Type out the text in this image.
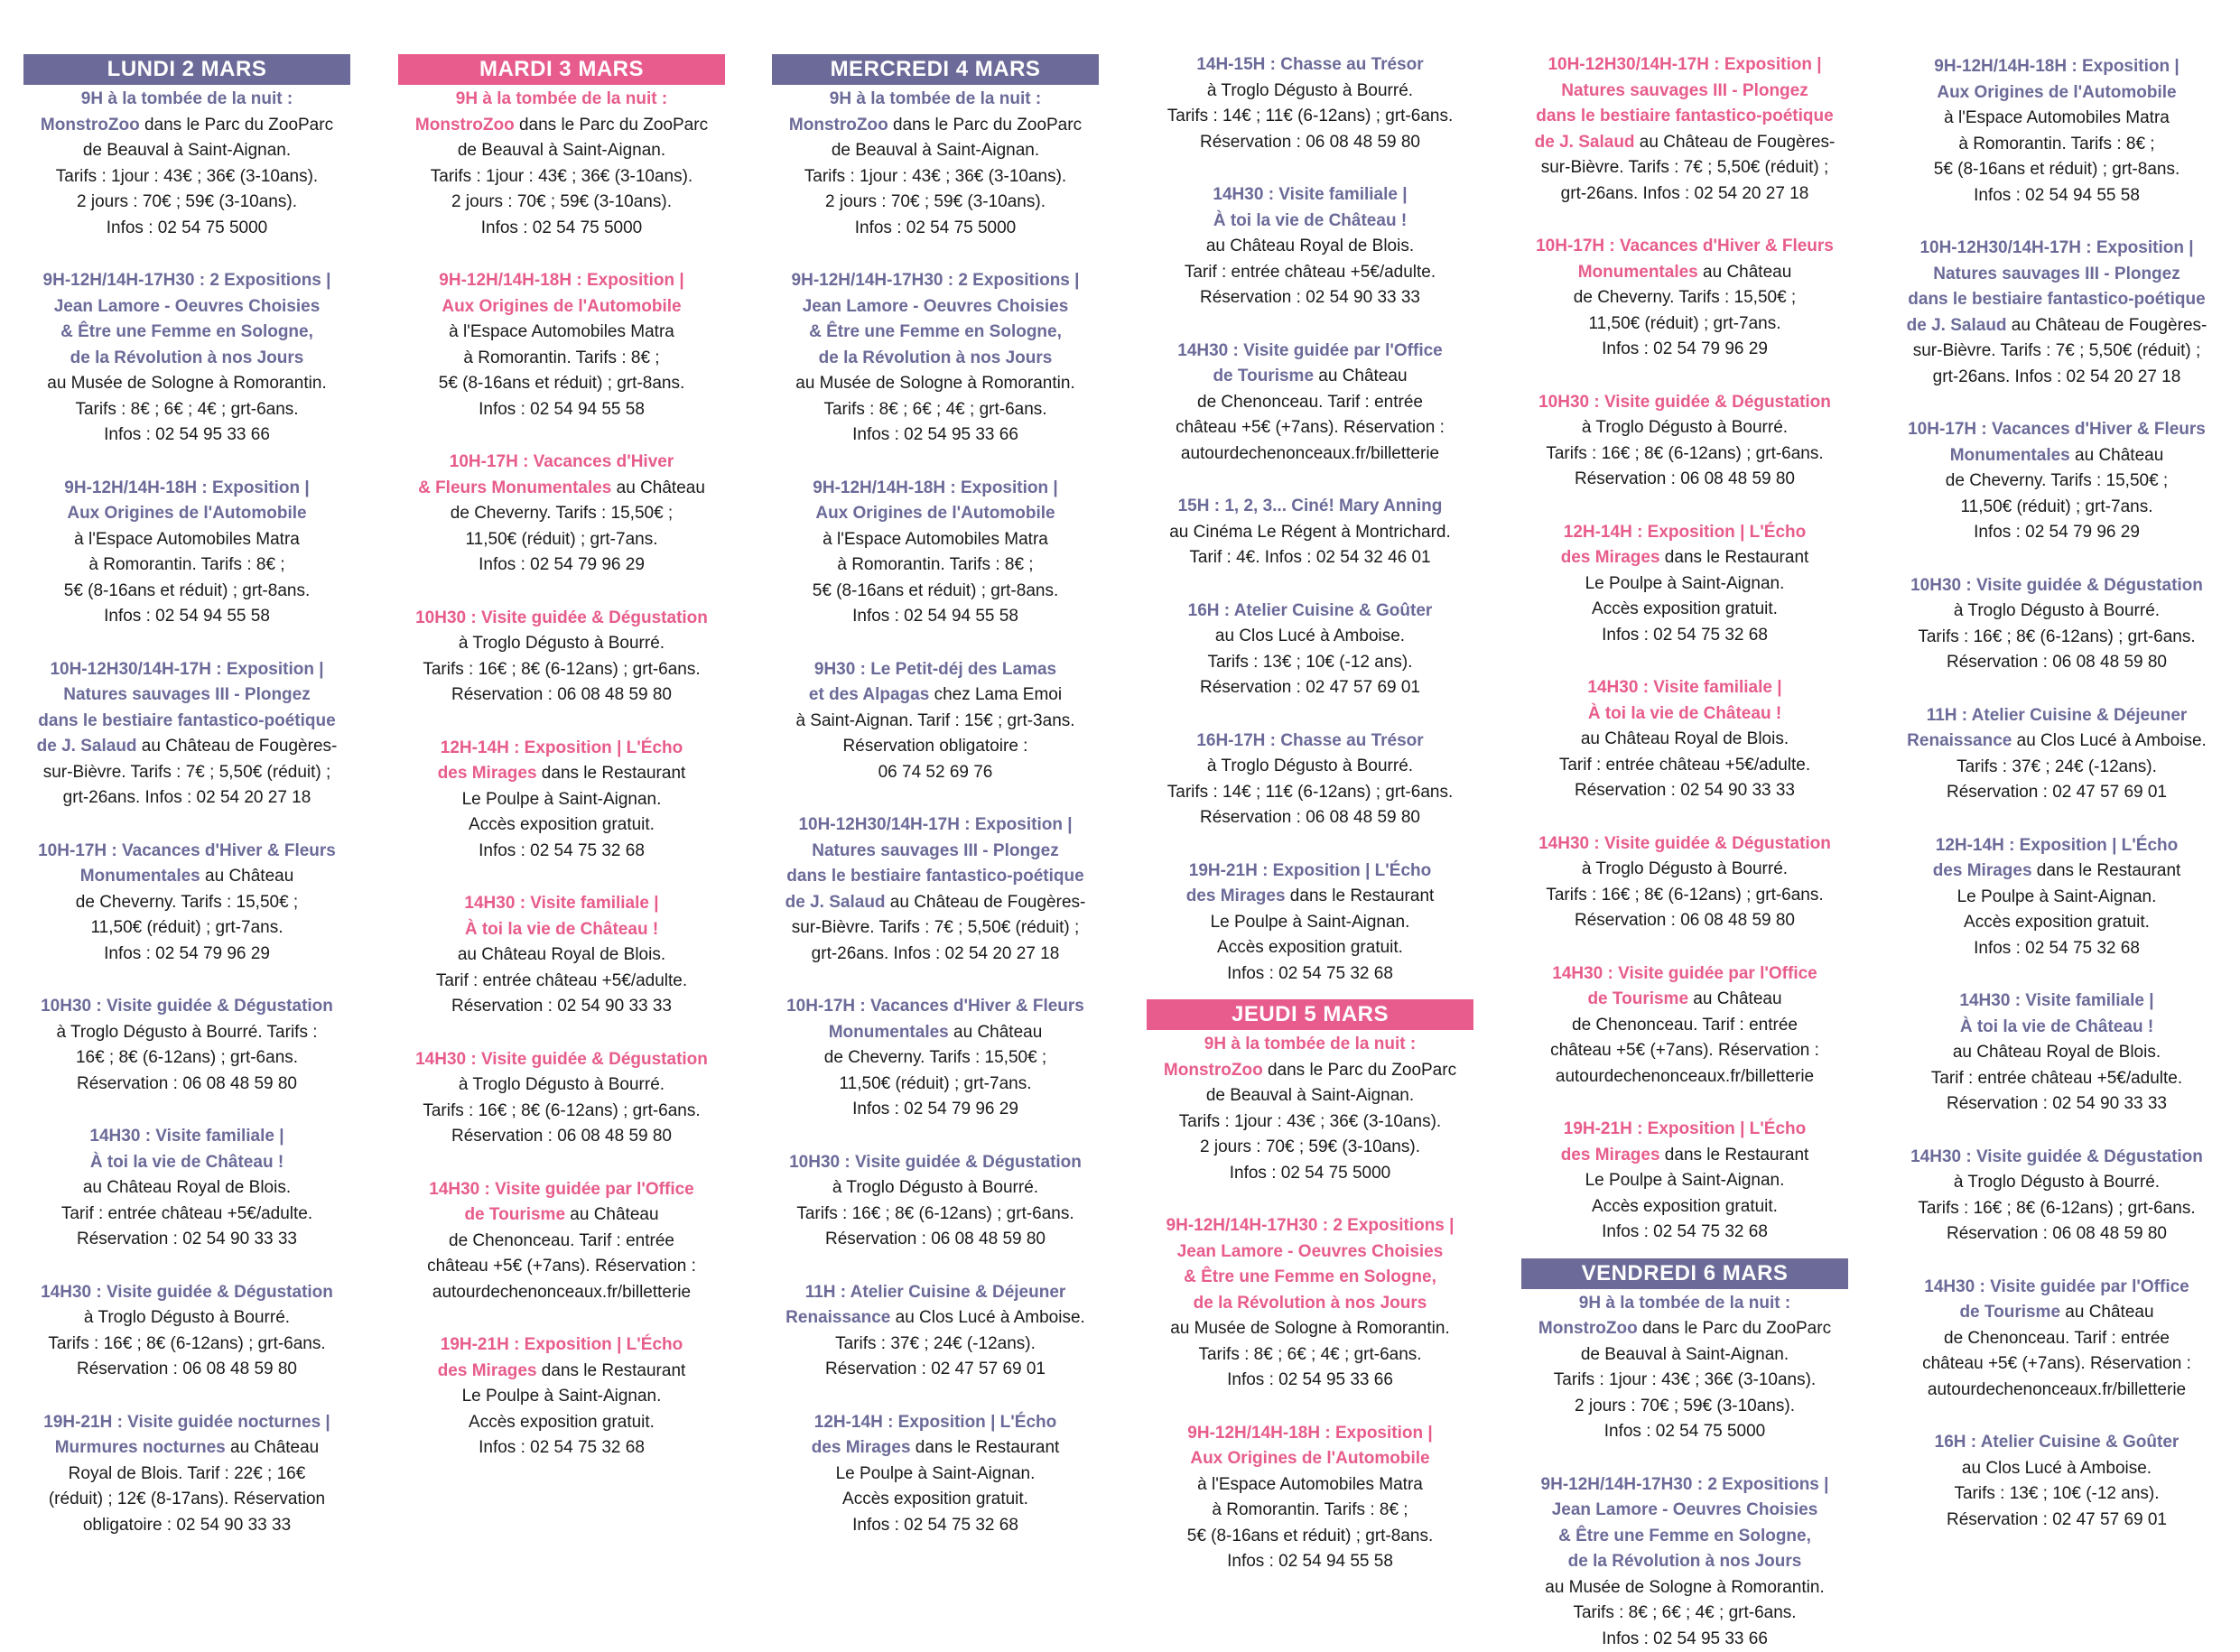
LUNDI 2 MARS
9H à la tombée de la nuit :
MonstroZoo dans le Parc du ZooParc
de Beauval à Saint-Aignan.
Tarifs : 1jour : 43€ ; 36€ (3-10ans).
2 jours : 70€ ; 59€ (3-10ans).
Infos : 02 54 75 5000
9H-12H/14H-17H30 : 2 Expositions |
Jean Lamore - Oeuvres Choisies
& Être une Femme en Sologne,
de la Révolution à nos Jours
au Musée de Sologne à Romorantin.
Tarifs : 8€ ; 6€ ; 4€ ; grt-6ans.
Infos : 02 54 95 33 66
9H-12H/14H-18H : Exposition |
Aux Origines de l'Automobile
à l'Espace Automobiles Matra
à Romorantin. Tarifs : 8€ ;
5€ (8-16ans et réduit) ; grt-8ans.
Infos : 02 54 94 55 58
10H-12H30/14H-17H : Exposition |
Natures sauvages III - Plongez
dans le bestiaire fantastico-poétique
de J. Salaud au Château de Fougères-
sur-Bièvre. Tarifs : 7€ ; 5,50€ (réduit) ;
grt-26ans. Infos : 02 54 20 27 18
10H-17H : Vacances d'Hiver & Fleurs
Monumentales au Château
de Cheverny. Tarifs : 15,50€ ;
11,50€ (réduit) ; grt-7ans.
Infos : 02 54 79 96 29
10H30 : Visite guidée & Dégustation
à Troglo Dégusto à Bourré. Tarifs :
16€ ; 8€ (6-12ans) ; grt-6ans.
Réservation : 06 08 48 59 80
14H30 : Visite familiale |
À toi la vie de Château !
au Château Royal de Blois.
Tarif : entrée château +5€/adulte.
Réservation : 02 54 90 33 33
14H30 : Visite guidée & Dégustation
à Troglo Dégusto à Bourré.
Tarifs : 16€ ; 8€ (6-12ans) ; grt-6ans.
Réservation : 06 08 48 59 80
19H-21H : Visite guidée nocturnes |
Murmures nocturnes au Château
Royal de Blois. Tarif : 22€ ; 16€
(réduit) ; 12€ (8-17ans). Réservation
obligatoire : 02 54 90 33 33
MARDI 3 MARS
9H à la tombée de la nuit :
MonstroZoo dans le Parc du ZooParc
de Beauval à Saint-Aignan.
Tarifs : 1jour : 43€ ; 36€ (3-10ans).
2 jours : 70€ ; 59€ (3-10ans).
Infos : 02 54 75 5000
9H-12H/14H-18H : Exposition |
Aux Origines de l'Automobile
à l'Espace Automobiles Matra
à Romorantin. Tarifs : 8€ ;
5€ (8-16ans et réduit) ; grt-8ans.
Infos : 02 54 94 55 58
10H-17H : Vacances d'Hiver
& Fleurs Monumentales au Château
de Cheverny. Tarifs : 15,50€ ;
11,50€ (réduit) ; grt-7ans.
Infos : 02 54 79 96 29
10H30 : Visite guidée & Dégustation
à Troglo Dégusto à Bourré.
Tarifs : 16€ ; 8€ (6-12ans) ; grt-6ans.
Réservation : 06 08 48 59 80
12H-14H : Exposition | L'Écho
des Mirages dans le Restaurant
Le Poulpe à Saint-Aignan.
Accès exposition gratuit.
Infos : 02 54 75 32 68
14H30 : Visite familiale |
À toi la vie de Château !
au Château Royal de Blois.
Tarif : entrée château +5€/adulte.
Réservation : 02 54 90 33 33
14H30 : Visite guidée & Dégustation
à Troglo Dégusto à Bourré.
Tarifs : 16€ ; 8€ (6-12ans) ; grt-6ans.
Réservation : 06 08 48 59 80
14H30 : Visite guidée par l'Office
de Tourisme au Château
de Chenonceau. Tarif : entrée
château +5€ (+7ans). Réservation :
autourdechenonceaux.fr/billetterie
19H-21H : Exposition | L'Écho
des Mirages dans le Restaurant
Le Poulpe à Saint-Aignan.
Accès exposition gratuit.
Infos : 02 54 75 32 68
MERCREDI 4 MARS
9H à la tombée de la nuit :
MonstroZoo dans le Parc du ZooParc
de Beauval à Saint-Aignan.
Tarifs : 1jour : 43€ ; 36€ (3-10ans).
2 jours : 70€ ; 59€ (3-10ans).
Infos : 02 54 75 5000
9H-12H/14H-17H30 : 2 Expositions |
Jean Lamore - Oeuvres Choisies
& Être une Femme en Sologne,
de la Révolution à nos Jours
au Musée de Sologne à Romorantin.
Tarifs : 8€ ; 6€ ; 4€ ; grt-6ans.
Infos : 02 54 95 33 66
9H-12H/14H-18H : Exposition |
Aux Origines de l'Automobile
à l'Espace Automobiles Matra
à Romorantin. Tarifs : 8€ ;
5€ (8-16ans et réduit) ; grt-8ans.
Infos : 02 54 94 55 58
9H30 : Le Petit-déj des Lamas
et des Alpagas chez Lama Emoi
à Saint-Aignan. Tarif : 15€ ; grt-3ans.
Réservation obligatoire :
06 74 52 69 76
10H-12H30/14H-17H : Exposition |
Natures sauvages III - Plongez
dans le bestiaire fantastico-poétique
de J. Salaud au Château de Fougères-
sur-Bièvre. Tarifs : 7€ ; 5,50€ (réduit) ;
grt-26ans. Infos : 02 54 20 27 18
10H-17H : Vacances d'Hiver & Fleurs
Monumentales au Château
de Cheverny. Tarifs : 15,50€ ;
11,50€ (réduit) ; grt-7ans.
Infos : 02 54 79 96 29
10H30 : Visite guidée & Dégustation
à Troglo Dégusto à Bourré.
Tarifs : 16€ ; 8€ (6-12ans) ; grt-6ans.
Réservation : 06 08 48 59 80
11H : Atelier Cuisine & Déjeuner
Renaissance au Clos Lucé à Amboise.
Tarifs : 37€ ; 24€ (-12ans).
Réservation : 02 47 57 69 01
12H-14H : Exposition | L'Écho
des Mirages dans le Restaurant
Le Poulpe à Saint-Aignan.
Accès exposition gratuit.
Infos : 02 54 75 32 68
14H-15H : Chasse au Trésor
à Troglo Dégusto à Bourré.
Tarifs : 14€ ; 11€ (6-12ans) ; grt-6ans.
Réservation : 06 08 48 59 80
14H30 : Visite familiale |
À toi la vie de Château !
au Château Royal de Blois.
Tarif : entrée château +5€/adulte.
Réservation : 02 54 90 33 33
14H30 : Visite guidée par l'Office
de Tourisme au Château
de Chenonceau. Tarif : entrée
château +5€ (+7ans). Réservation :
autourdechenonceaux.fr/billetterie
15H : 1, 2, 3... Ciné! Mary Anning
au Cinéma Le Régent à Montrichard.
Tarif : 4€. Infos : 02 54 32 46 01
16H : Atelier Cuisine & Goûter
au Clos Lucé à Amboise.
Tarifs : 13€ ; 10€ (-12 ans).
Réservation : 02 47 57 69 01
16H-17H : Chasse au Trésor
à Troglo Dégusto à Bourré.
Tarifs : 14€ ; 11€ (6-12ans) ; grt-6ans.
Réservation : 06 08 48 59 80
19H-21H : Exposition | L'Écho
des Mirages dans le Restaurant
Le Poulpe à Saint-Aignan.
Accès exposition gratuit.
Infos : 02 54 75 32 68
JEUDI 5 MARS
9H à la tombée de la nuit :
MonstroZoo dans le Parc du ZooParc
de Beauval à Saint-Aignan.
Tarifs : 1jour : 43€ ; 36€ (3-10ans).
2 jours : 70€ ; 59€ (3-10ans).
Infos : 02 54 75 5000
9H-12H/14H-17H30 : 2 Expositions |
Jean Lamore - Oeuvres Choisies
& Être une Femme en Sologne,
de la Révolution à nos Jours
au Musée de Sologne à Romorantin.
Tarifs : 8€ ; 6€ ; 4€ ; grt-6ans.
Infos : 02 54 95 33 66
9H-12H/14H-18H : Exposition |
Aux Origines de l'Automobile
à l'Espace Automobiles Matra
à Romorantin. Tarifs : 8€ ;
5€ (8-16ans et réduit) ; grt-8ans.
Infos : 02 54 94 55 58
10H-12H30/14H-17H : Exposition |
Natures sauvages III - Plongez
dans le bestiaire fantastico-poétique
de J. Salaud au Château de Fougères-
sur-Bièvre. Tarifs : 7€ ; 5,50€ (réduit) ;
grt-26ans. Infos : 02 54 20 27 18
10H-17H : Vacances d'Hiver & Fleurs
Monumentales au Château
de Cheverny. Tarifs : 15,50€ ;
11,50€ (réduit) ; grt-7ans.
Infos : 02 54 79 96 29
10H30 : Visite guidée & Dégustation
à Troglo Dégusto à Bourré.
Tarifs : 16€ ; 8€ (6-12ans) ; grt-6ans.
Réservation : 06 08 48 59 80
12H-14H : Exposition | L'Écho
des Mirages dans le Restaurant
Le Poulpe à Saint-Aignan.
Accès exposition gratuit.
Infos : 02 54 75 32 68
14H30 : Visite familiale |
À toi la vie de Château !
au Château Royal de Blois.
Tarif : entrée château +5€/adulte.
Réservation : 02 54 90 33 33
14H30 : Visite guidée & Dégustation
à Troglo Dégusto à Bourré.
Tarifs : 16€ ; 8€ (6-12ans) ; grt-6ans.
Réservation : 06 08 48 59 80
14H30 : Visite guidée par l'Office
de Tourisme au Château
de Chenonceau. Tarif : entrée
château +5€ (+7ans). Réservation :
autourdechenonceaux.fr/billetterie
19H-21H : Exposition | L'Écho
des Mirages dans le Restaurant
Le Poulpe à Saint-Aignan.
Accès exposition gratuit.
Infos : 02 54 75 32 68
VENDREDI 6 MARS
9H à la tombée de la nuit :
MonstroZoo dans le Parc du ZooParc
de Beauval à Saint-Aignan.
Tarifs : 1jour : 43€ ; 36€ (3-10ans).
2 jours : 70€ ; 59€ (3-10ans).
Infos : 02 54 75 5000
9H-12H/14H-17H30 : 2 Expositions |
Jean Lamore - Oeuvres Choisies
& Être une Femme en Sologne,
de la Révolution à nos Jours
au Musée de Sologne à Romorantin.
Tarifs : 8€ ; 6€ ; 4€ ; grt-6ans.
Infos : 02 54 95 33 66
9H-12H/14H-18H : Exposition |
Aux Origines de l'Automobile
à l'Espace Automobiles Matra
à Romorantin. Tarifs : 8€ ;
5€ (8-16ans et réduit) ; grt-8ans.
Infos : 02 54 94 55 58
10H-12H30/14H-17H : Exposition |
Natures sauvages III - Plongez
dans le bestiaire fantastico-poétique
de J. Salaud au Château de Fougères-
sur-Bièvre. Tarifs : 7€ ; 5,50€ (réduit) ;
grt-26ans. Infos : 02 54 20 27 18
10H-17H : Vacances d'Hiver & Fleurs
Monumentales au Château
de Cheverny. Tarifs : 15,50€ ;
11,50€ (réduit) ; grt-7ans.
Infos : 02 54 79 96 29
10H30 : Visite guidée & Dégustation
à Troglo Dégusto à Bourré.
Tarifs : 16€ ; 8€ (6-12ans) ; grt-6ans.
Réservation : 06 08 48 59 80
11H : Atelier Cuisine & Déjeuner
Renaissance au Clos Lucé à Amboise.
Tarifs : 37€ ; 24€ (-12ans).
Réservation : 02 47 57 69 01
12H-14H : Exposition | L'Écho
des Mirages dans le Restaurant
Le Poulpe à Saint-Aignan.
Accès exposition gratuit.
Infos : 02 54 75 32 68
14H30 : Visite familiale |
À toi la vie de Château !
au Château Royal de Blois.
Tarif : entrée château +5€/adulte.
Réservation : 02 54 90 33 33
14H30 : Visite guidée & Dégustation
à Troglo Dégusto à Bourré.
Tarifs : 16€ ; 8€ (6-12ans) ; grt-6ans.
Réservation : 06 08 48 59 80
14H30 : Visite guidée par l'Office
de Tourisme au Château
de Chenonceau. Tarif : entrée
château +5€ (+7ans). Réservation :
autourdechenonceaux.fr/billetterie
16H : Atelier Cuisine & Goûter
au Clos Lucé à Amboise.
Tarifs : 13€ ; 10€ (-12 ans).
Réservation : 02 47 57 69 01
